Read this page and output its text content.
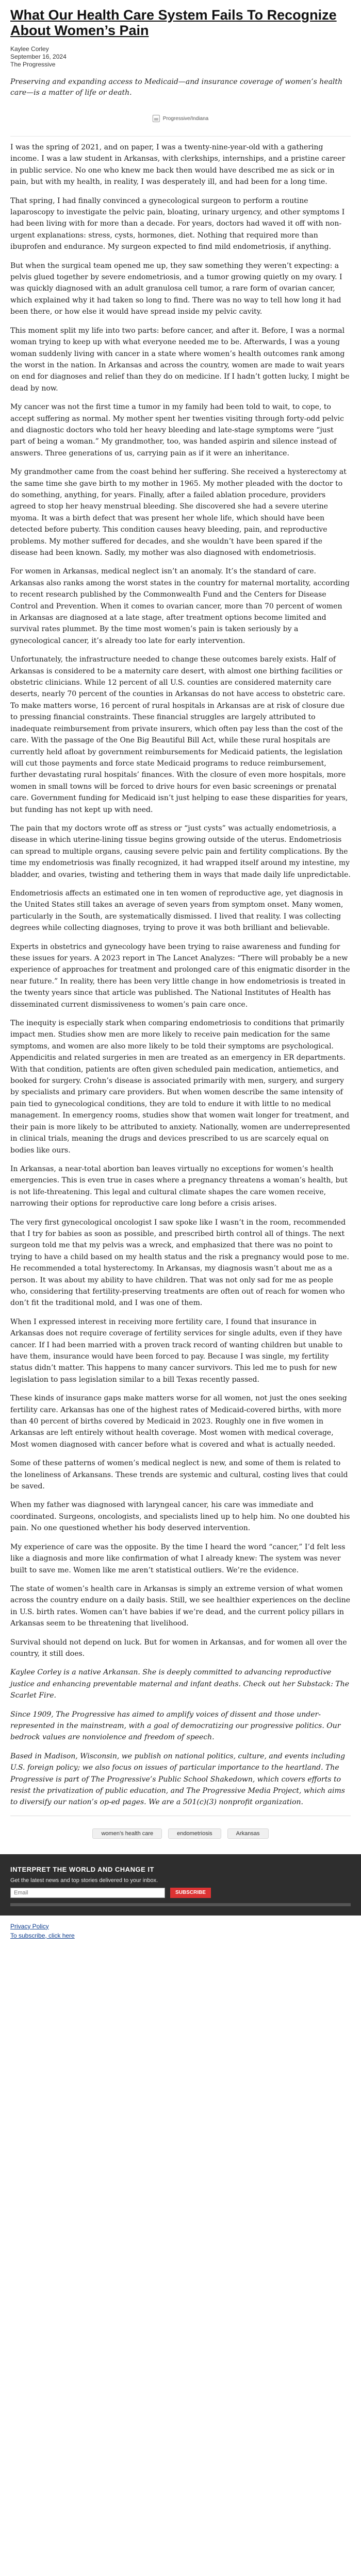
What Our Health Care System Fails To Recognize About Women’s Pain
Kaylee Corley
September 16, 2024
The Progressive

Preserving and expanding access to Medicaid—and insurance coverage of women’s health care—is a matter of life or death.

Progressive/Indiana

I was the spring of 2021, and on paper, I was a twenty-nine-year-old with a gathering income. I was a law student in Arkansas, with clerkships, internships, and a pristine career in public service. No one who knew me back then would have described me as sick or in pain, but with my health, in reality, I was desperately ill, and had been for a long time.

That spring, I had finally convinced a gynecological surgeon to perform a routine laparoscopy to investigate the pelvic pain, bloating, urinary urgency, and other symptoms I had been living with for more than a decade. For years, doctors had waved it off with non-urgent explanations: stress, cysts, hormones, diet. Nothing that required more than ibuprofen and endurance. My surgeon expected to find mild endometriosis, if anything.

But when the surgical team opened me up, they saw something they weren’t expecting: a pelvis glued together by severe endometriosis, and a tumor growing quietly on my ovary. I was quickly diagnosed with an adult granulosa cell tumor, a rare form of ovarian cancer, which explained why it had taken so long to find. There was no way to tell how long it had been there, or how else it would have spread inside my pelvic cavity.

This moment split my life into two parts: before cancer, and after it. Before, I was a normal woman trying to keep up with what everyone needed me to be. Afterwards, I was a young woman suddenly living with cancer in a state where women’s health outcomes rank among the worst in the nation. In Arkansas and across the country, women are made to wait years on end for diagnoses and relief than they do on medicine. If I hadn’t gotten lucky, I might be dead by now.

My cancer was not the first time a tumor in my family had been told to wait, to cope, to accept suffering as normal. My mother spent her twenties visiting through forty-odd pelvic and diagnostic doctors who told her heavy bleeding and late-stage symptoms were “just part of being a woman.” My grandmother, too, was handed aspirin and silence instead of answers. Three generations of us, carrying pain as if it were an inheritance.

My grandmother came from the coast behind her suffering. She received a hysterectomy at the same time she gave birth to my mother in 1965. My mother pleaded with the doctor to do something, anything, for years. Finally, after a failed ablation procedure, providers agreed to stop her heavy menstrual bleeding. She discovered she had a severe uterine myoma. It was a birth defect that was present her whole life, which should have been detected before puberty. This condition causes heavy bleeding, pain, and reproductive problems. My mother suffered for decades, and she wouldn’t have been spared if the disease had been known. Sadly, my mother was also diagnosed with endometriosis.

For women in Arkansas, medical neglect isn’t an anomaly. It’s the standard of care. Arkansas also ranks among the worst states in the country for maternal mortality, according to recent research published by the Commonwealth Fund and the Centers for Disease Control and Prevention. When it comes to ovarian cancer, more than 70 percent of women in Arkansas are diagnosed at a late stage, after treatment options become limited and survival rates plummet. By the time most women’s pain is taken seriously by a gynecological cancer, it’s already too late for early intervention.

Unfortunately, the infrastructure needed to change these outcomes barely exists. Half of Arkansas is considered to be a maternity care desert, with almost one birthing facilities or obstetric clinicians. While 12 percent of all U.S. counties are considered maternity care deserts, nearly 70 percent of the counties in Arkansas do not have access to obstetric care. To make matters worse, 16 percent of rural hospitals in Arkansas are at risk of closure due to pressing financial constraints. These financial struggles are largely attributed to inadequate reimbursement from private insurers, which often pay less than the cost of the care. With the passage of the One Big Beautiful Bill Act, while these rural hospitals are currently held afloat by government reimbursements for Medicaid patients, the legislation will cut those payments and force state Medicaid programs to reduce reimbursement, further devastating rural hospitals’ finances. With the closure of even more hospitals, more women in small towns will be forced to drive hours for even basic screenings or prenatal care. Government funding for Medicaid isn’t just helping to ease these disparities for years, but funding has not kept up with need.

The pain that my doctors wrote off as stress or “just cysts” was actually endometriosis, a disease in which uterine-lining tissue begins growing outside of the uterus. Endometriosis can spread to multiple organs, causing severe pelvic pain and fertility complications. By the time my endometriosis was finally recognized, it had wrapped itself around my intestine, my bladder, and ovaries, twisting and tethering them in ways that made daily life unpredictable.

Endometriosis affects an estimated one in ten women of reproductive age, yet diagnosis in the United States still takes an average of seven years from symptom onset. Many women, particularly in the South, are systematically dismissed. I lived that reality. I was collecting degrees while collecting diagnoses, trying to prove it was both brilliant and believable.

Experts in obstetrics and gynecology have been trying to raise awareness and funding for these issues for years. A 2023 report in The Lancet Analyzes: “There will probably be a new experience of approaches for treatment and prolonged care of this enigmatic disorder in the near future.” In reality, there has been very little change in how endometriosis is treated in the twenty years since that article was published. The National Institutes of Health has disseminated current dismissiveness to women’s pain care once.

The inequity is especially stark when comparing endometriosis to conditions that primarily impact men. Studies show men are more likely to receive pain medication for the same symptoms, and women are also more likely to be told their symptoms are psychological. Appendicitis and related surgeries in men are treated as an emergency in ER departments. With that condition, patients are often given scheduled pain medication, antiemetics, and booked for surgery. Crohn’s disease is associated primarily with men, surgery, and surgery by specialists and primary care providers. But when women describe the same intensity of pain tied to gynecological conditions, they are told to endure it with little to no medical management. In emergency rooms, studies show that women wait longer for treatment, and their pain is more likely to be attributed to anxiety. Nationally, women are underrepresented in clinical trials, meaning the drugs and devices prescribed to us are scarcely equal on bodies like ours.

In Arkansas, a near-total abortion ban leaves virtually no exceptions for women’s health emergencies. This is even true in cases where a pregnancy threatens a woman’s health, but is not life-threatening. This legal and cultural climate shapes the care women receive, narrowing their options for reproductive care long before a crisis arises.

The very first gynecological oncologist I saw spoke like I wasn’t in the room, recommended that I try for babies as soon as possible, and prescribed birth control all of things. The next surgeon told me that my pelvis was a wreck, and emphasized that there was no point to trying to have a child based on my health status and the risk a pregnancy would pose to me. He recommended a total hysterectomy. In Arkansas, my diagnosis wasn’t about me as a person. It was about my ability to have children. That was not only sad for me as people who, considering that fertility-preserving treatments are often out of reach for women who don’t fit the traditional mold, and I was one of them.

When I expressed interest in receiving more fertility care, I found that insurance in Arkansas does not require coverage of fertility services for single adults, even if they have cancer. If I had been married with a proven track record of wanting children but unable to have them, insurance would have been forced to pay. Because I was single, my fertility status didn’t matter. This happens to many cancer survivors. This led me to push for new legislation to pass legislation similar to a bill Texas recently passed.

These kinds of insurance gaps make matters worse for all women, not just the ones seeking fertility care. Arkansas has one of the highest rates of Medicaid-covered births, with more than 40 percent of births covered by Medicaid in 2023. Roughly one in five women in Arkansas are left entirely without health coverage. Most women with medical coverage, Most women diagnosed with cancer before what is covered and what is actually needed.

Some of these patterns of women’s medical neglect is new, and some of them is related to the loneliness of Arkansans. These trends are systemic and cultural, costing lives that could be saved.

When my father was diagnosed with laryngeal cancer, his care was immediate and coordinated. Surgeons, oncologists, and specialists lined up to help him. No one doubted his pain. No one questioned whether his body deserved intervention.

My experience of care was the opposite. By the time I heard the word “cancer,” I’d felt less like a diagnosis and more like confirmation of what I already knew: The system was never built to save me. Women like me aren’t statistical outliers. We’re the evidence.

The state of women’s health care in Arkansas is simply an extreme version of what women across the country endure on a daily basis. Still, we see healthier experiences on the decline in U.S. birth rates. Women can’t have babies if we’re dead, and the current policy pillars in Arkansas seem to be threatening that livelihood.

Survival should not depend on luck. But for women in Arkansas, and for women all over the country, it still does.

Kaylee Corley is a native Arkansan. She is deeply committed to advancing reproductive justice and enhancing preventable maternal and infant deaths. Check out her Substack: The Scarlet Fire.

Since 1909, The Progressive has aimed to amplify voices of dissent and those under-represented in the mainstream, with a goal of democratizing our progressive politics. Our bedrock values are nonviolence and freedom of speech.

Based in Madison, Wisconsin, we publish on national politics, culture, and events including U.S. foreign policy; we also focus on issues of particular importance to the heartland. The Progressive is part of The Progressive’s Public School Shakedown, which covers efforts to resist the privatization of public education, and The Progressive Media Project, which aims to diversify our nation’s op-ed pages. We are a 501(c)(3) nonprofit organization.

women’s health care	endometriosis	Arkansas
INTERPRET THE WORLD AND CHANGE IT
Get the latest news and top stories delivered to your inbox.
Email
SUBSCRIBE
Privacy Policy
To subscribe, click here
